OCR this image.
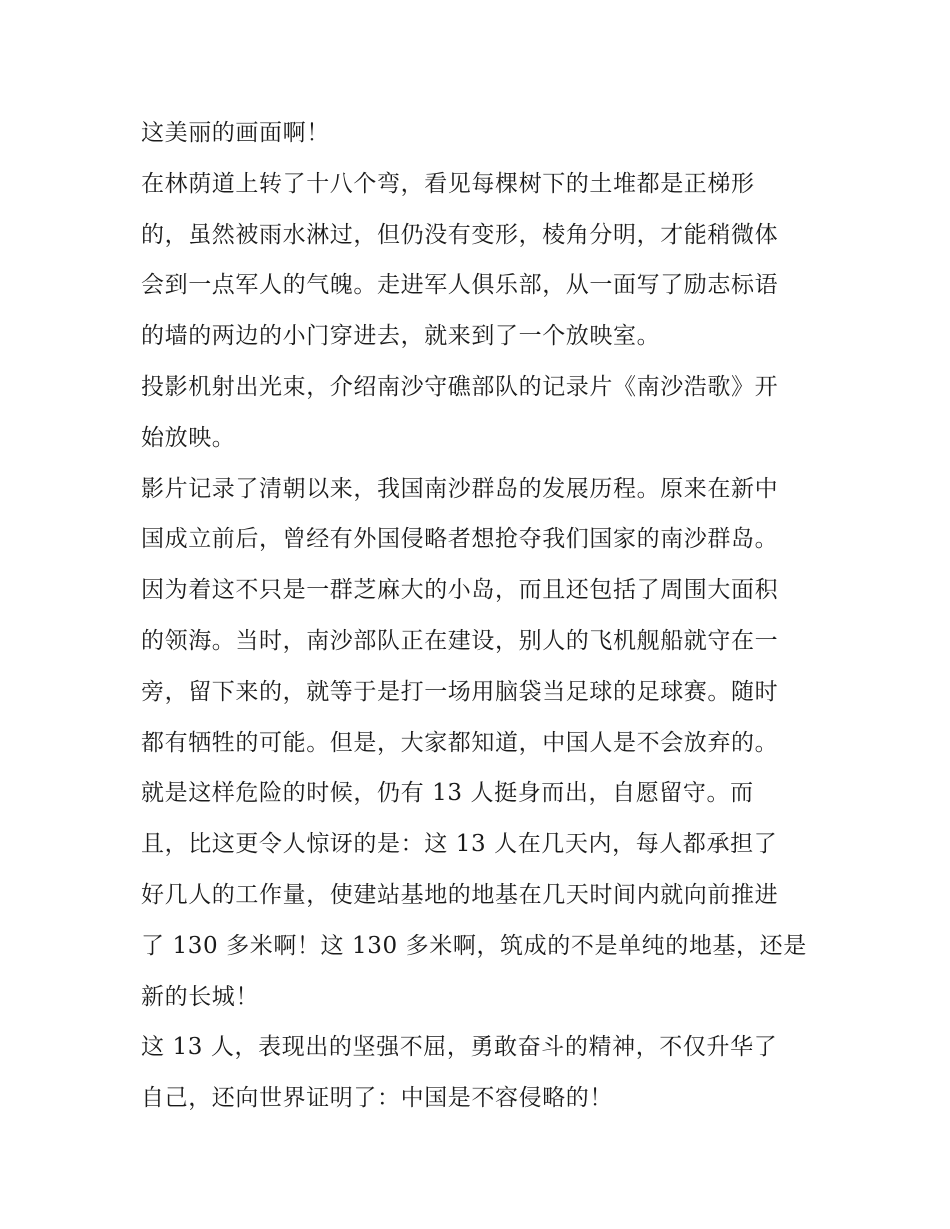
这美丽的画面啊！
在林荫道上转了十八个弯，看见每棵树下的土堆都是正梯形
的，虽然被雨水淋过，但仍没有变形，棱角分明，才能稍微体
会到一点军人的气魄。走进军人俱乐部，从一面写了励志标语
的墙的两边的小门穿进去，就来到了一个放映室。
投影机射出光束，介绍南沙守礁部队的记录片《南沙浩歌》开
始放映。
影片记录了清朝以来，我国南沙群岛的发展历程。原来在新中
国成立前后，曾经有外国侵略者想抢夺我们国家的南沙群岛。
因为着这不只是一群芝麻大的小岛，而且还包括了周围大面积
的领海。当时，南沙部队正在建设，别人的飞机舰船就守在一
旁，留下来的，就等于是打一场用脑袋当足球的足球赛。随时
都有牺牲的可能。但是，大家都知道，中国人是不会放弃的。
就是这样危险的时候，仍有 13 人挺身而出，自愿留守。而
且，比这更令人惊讶的是：这 13 人在几天内，每人都承担了
好几人的工作量，使建站基地的地基在几天时间内就向前推进
了 130 多米啊！这 130 多米啊，筑成的不是单纯的地基，还是
新的长城！
这 13 人，表现出的坚强不屈，勇敢奋斗的精神，不仅升华了
自己，还向世界证明了：中国是不容侵略的！
